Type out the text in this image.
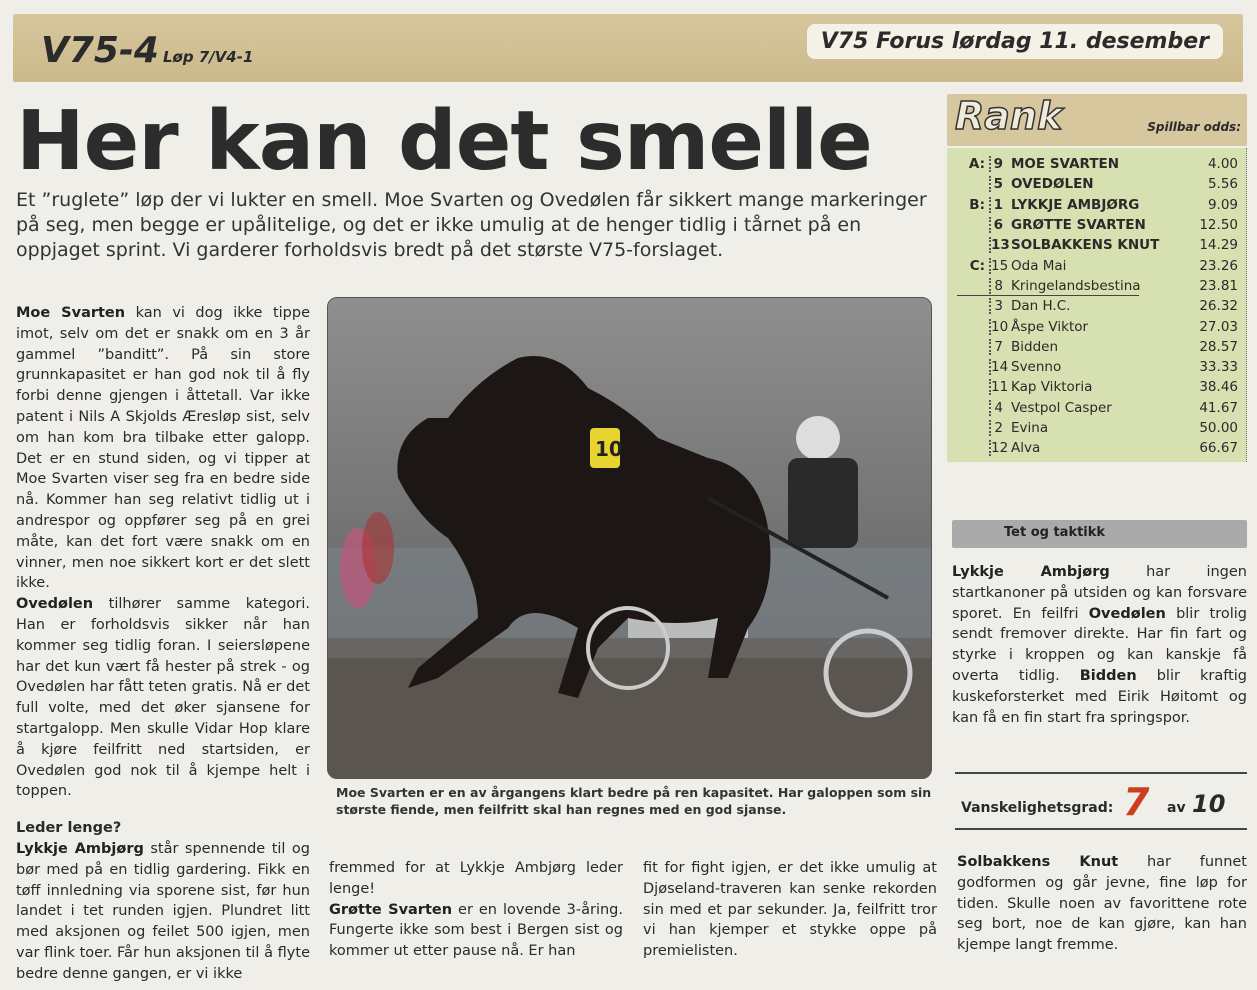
V75-4 Løp 7/V4-1
V75 Forus lørdag 11. desember
Her kan det smelle

Et ”ruglete” løp der vi lukter en smell. Moe Svarten og Ovedølen får sikkert mange markeringer på seg, men begge er upålitelige, og det er ikke umulig at de henger tidlig i tårnet på en oppjaget sprint. Vi garderer forholdsvis bredt på det største V75-forslaget.

Moe Svarten kan vi dog ikke tippe imot, selv om det er snakk om en 3 år gammel ”banditt”. På sin store grunnkapasitet er han god nok til å fly forbi denne gjengen i åttetall. Var ikke patent i Nils A Skjolds Æresløp sist, selv om han kom bra tilbake etter galopp. Det er en stund siden, og vi tipper at Moe Svarten viser seg fra en bedre side nå. Kommer han seg relativt tidlig ut i andrespor og oppfører seg på en grei måte, kan det fort være snakk om en vinner, men noe sikkert kort er det slett ikke.
Ovedølen tilhører samme kategori. Han er forholdsvis sikker når han kommer seg tidlig foran. I seiersløpene har det kun vært få hester på strek - og Ovedølen har fått teten gratis. Nå er det full volte, med det øker sjansene for startgalopp. Men skulle Vidar Hop klare å kjøre feilfritt ned startsiden, er Ovedølen god nok til å kjempe helt i toppen.
Leder lenge?
Lykkje Ambjørg står spennende til og bør med på en tidlig gardering. Fikk en tøff innledning via sporene sist, før hun landet i tet runden igjen. Plundret litt med aksjonen og feilet 500 igjen, men var flink toer. Får hun aksjonen til å flyte bedre denne gangen, er vi ikke
10
Moe Svarten er en av årgangens klart bedre på ren kapasitet. Har galoppen som sin største fiende, men feilfritt skal han regnes med en god sjanse.
fremmed for at Lykkje Ambjørg leder lenge!
Grøtte Svarten er en lovende 3-åring. Fungerte ikke som best i Bergen sist og kommer ut etter pause nå. Er han
fit for fight igjen, er det ikke umulig at Djøseland-traveren kan senke rekorden sin med et par sekunder. Ja, feilfritt tror vi han kjemper et stykke oppe på premielisten.
Rank	Spillbar odds:
A: 9 MOE SVARTEN	4.00
5 OVEDØLEN	5.56
B: 1 LYKKJE AMBJØRG	9.09
6 GRØTTE SVARTEN	12.50
13 SOLBAKKENS KNUT	14.29
C: 15 Oda Mai	23.26
8 Kringelandsbestina	23.81
3 Dan H.C.	26.32
10 Åspe Viktor	27.03
7 Bidden	28.57
14 Svenno	33.33
11 Kap Viktoria	38.46
4 Vestpol Casper	41.67
2 Evina	50.00
12 Alva	66.67
Tet og taktikk
Lykkje Ambjørg har ingen startkanoner på utsiden og kan forsvare sporet. En feilfri Ovedølen blir trolig sendt fremover direkte. Har fin fart og styrke i kroppen og kan kanskje få overta tidlig. Bidden blir kraftig kuskeforsterket med Eirik Høitomt og kan få en fin start fra springspor.
Vanskelighetsgrad: 7 av 10
Solbakkens Knut har funnet godformen og går jevne, fine løp for tiden. Skulle noen av favorittene rote seg bort, noe de kan gjøre, kan han kjempe langt fremme.
